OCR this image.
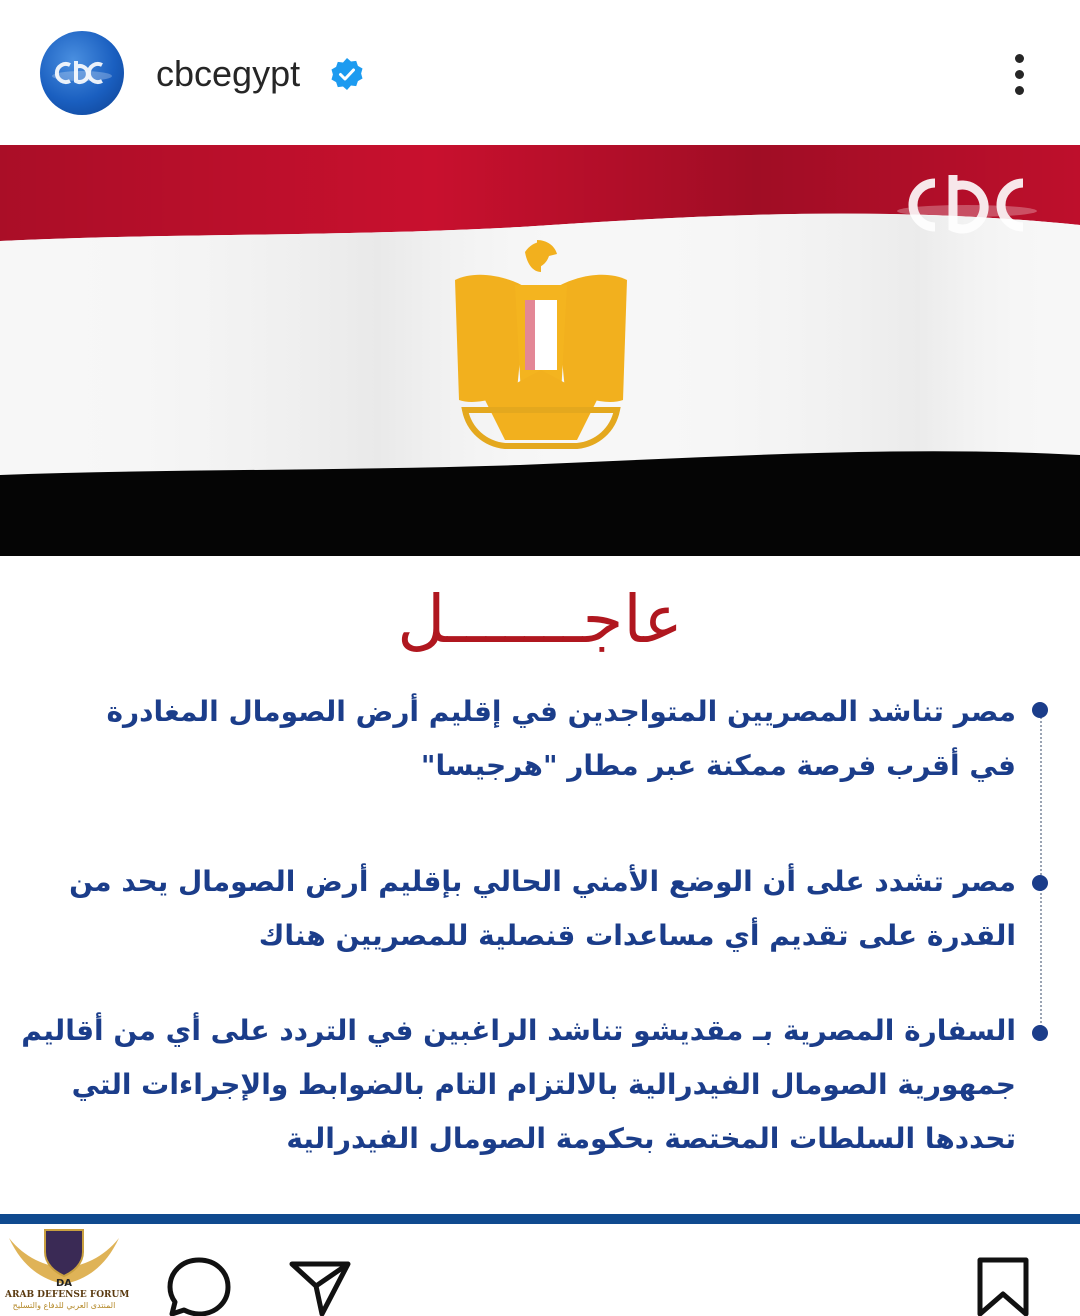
cbcegypt
عاجـــــــل
مصر تناشد المصريين المتواجدين في إقليم أرض الصومال المغادرة
في أقرب فرصة ممكنة عبر مطار "هرجيسا"
مصر تشدد على أن الوضع الأمني الحالي بإقليم أرض الصومال يحد من
القدرة على تقديم أي مساعدات قنصلية للمصريين هناك
السفارة المصرية بـ مقديشو تناشد الراغبين في التردد على أي من أقاليم
جمهورية الصومال الفيدرالية بالالتزام التام بالضوابط والإجراءات التي
تحددها السلطات المختصة بحكومة الصومال الفيدرالية
DA
ARAB DEFENSE FORUM
المنتدى العربي للدفاع والتسليح
